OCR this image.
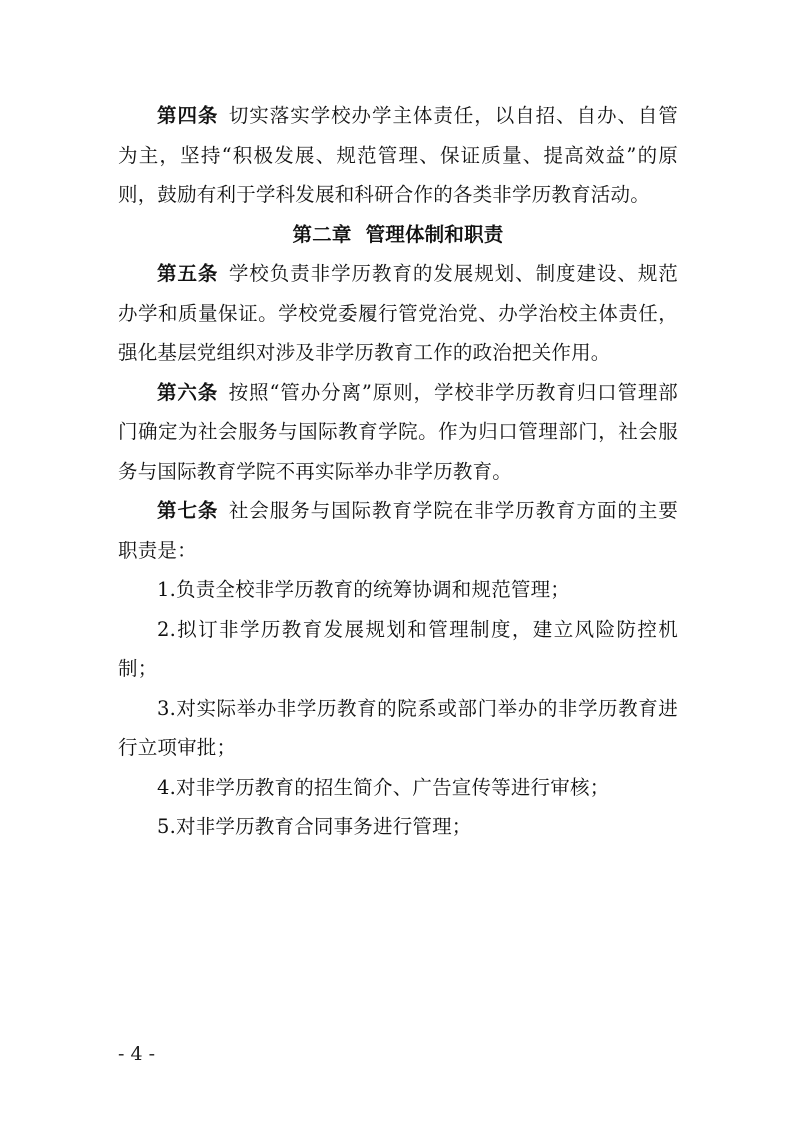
第四条 切实落实学校办学主体责任，以自招、自办、自管为主，坚持“积极发展、规范管理、保证质量、提高效益”的原则，鼓励有利于学科发展和科研合作的各类非学历教育活动。

第二章  管理体制和职责

第五条 学校负责非学历教育的发展规划、制度建设、规范办学和质量保证。学校党委履行管党治党、办学治校主体责任，强化基层党组织对涉及非学历教育工作的政治把关作用。

第六条 按照“管办分离”原则，学校非学历教育归口管理部门确定为社会服务与国际教育学院。作为归口管理部门，社会服务与国际教育学院不再实际举办非学历教育。

第七条 社会服务与国际教育学院在非学历教育方面的主要职责是：

1.负责全校非学历教育的统筹协调和规范管理；

2.拟订非学历教育发展规划和管理制度，建立风险防控机制；

3.对实际举办非学历教育的院系或部门举办的非学历教育进行立项审批；

4.对非学历教育的招生简介、广告宣传等进行审核；

5.对非学历教育合同事务进行管理；

- 4 -
